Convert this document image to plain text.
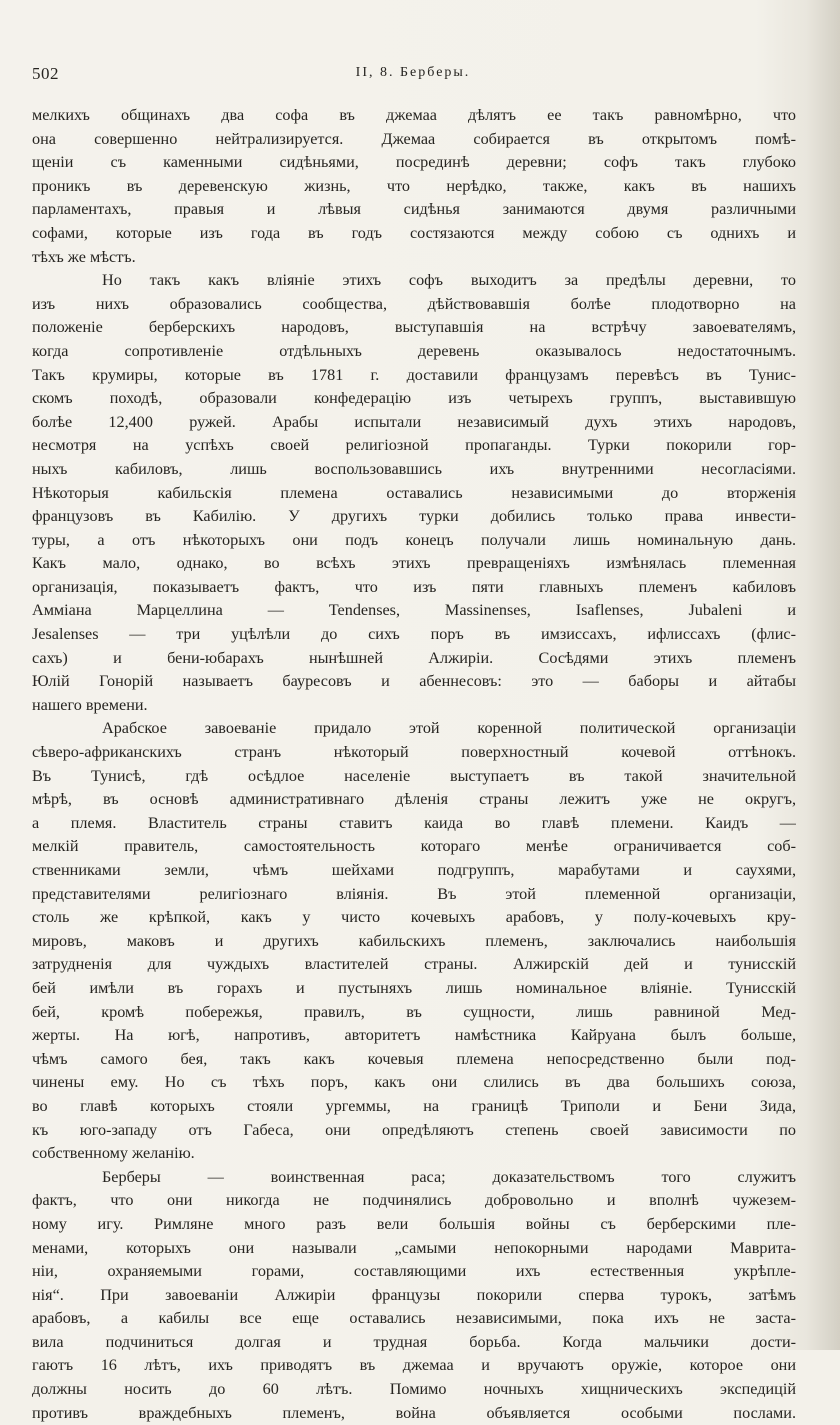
502	II, 8. Берберы.
мелкихъ общинахъ два софа въ джемаа дѣлятъ ее такъ равномѣрно, что
она совершенно нейтрализируется. Джемаа собирается въ открытомъ помѣ-
щеніи съ каменными сидѣньями, посрединѣ деревни; софъ такъ глубоко
проникъ въ деревенскую жизнь, что нерѣдко, также, какъ въ нашихъ
парламентахъ, правыя и лѣвыя сидѣнья занимаются двумя различными
софами, которые изъ года въ годъ состязаются между собою съ однихъ и
тѣхъ же мѣстъ.
Но такъ какъ вліяніе этихъ софъ выходитъ за предѣлы деревни, то
изъ нихъ образовались сообщества, дѣйствовавшія болѣе плодотворно на
положеніе берберскихъ народовъ, выступавшія на встрѣчу завоевателямъ,
когда сопротивленіе отдѣльныхъ деревень оказывалось недостаточнымъ.
Такъ крумиры, которые въ 1781 г. доставили французамъ перевѣсъ въ Тунис-
скомъ походѣ, образовали конфедерацію изъ четырехъ группъ, выставившую
болѣе 12,400 ружей. Арабы испытали независимый духъ этихъ народовъ,
несмотря на успѣхъ своей религіозной пропаганды. Турки покорили гор-
ныхъ кабиловъ, лишь воспользовавшись ихъ внутренними несогласіями.
Нѣкоторыя кабильскія племена оставались независимыми до вторженія
французовъ въ Кабилію. У другихъ турки добились только права инвести-
туры, а отъ нѣкоторыхъ они подъ конецъ получали лишь номинальную дань.
Какъ мало, однако, во всѣхъ этихъ превращеніяхъ измѣнялась племенная
организація, показываетъ фактъ, что изъ пяти главныхъ племенъ кабиловъ
Амміана Марцеллина — Tendenses, Massinenses, Isaflenses, Jubaleni и
Jesalenses — три уцѣлѣли до сихъ поръ въ имзиссахъ, ифлиссахъ (флис-
сахъ) и бени-юбарахъ нынѣшней Алжиріи. Сосѣдями этихъ племенъ
Юлій Гонорій называетъ бауресовъ и абеннесовъ: это — баборы и айтабы
нашего времени.
Арабское завоеваніе придало этой коренной политической организаціи
сѣверо-африканскихъ странъ нѣкоторый поверхностный кочевой оттѣнокъ.
Въ Тунисѣ, гдѣ осѣдлое населеніе выступаетъ въ такой значительной
мѣрѣ, въ основѣ административнаго дѣленія страны лежитъ уже не округъ,
а племя. Властитель страны ставитъ каида во главѣ племени. Каидъ —
мелкій правитель, самостоятельность котораго менѣе ограничивается соб-
ственниками земли, чѣмъ шейхами подгруппъ, марабутами и саухями,
представителями религіознаго вліянія. Въ этой племенной организаціи,
столь же крѣпкой, какъ у чисто кочевыхъ арабовъ, у полу-кочевыхъ кру-
мировъ, маковъ и другихъ кабильскихъ племенъ, заключались наибольшія
затрудненія для чуждыхъ властителей страны. Алжирскій дей и тунисскій
бей имѣли въ горахъ и пустыняхъ лишь номинальное вліяніе. Тунисскій
бей, кромѣ побережья, правилъ, въ сущности, лишь равниной Мед-
жерты. На югѣ, напротивъ, авторитетъ намѣстника Кайруана былъ больше,
чѣмъ самого бея, такъ какъ кочевыя племена непосредственно были под-
чинены ему. Но съ тѣхъ поръ, какъ они слились въ два большихъ союза,
во главѣ которыхъ стояли ургеммы, на границѣ Триполи и Бени Зида,
къ юго-западу отъ Габеса, они опредѣляютъ степень своей зависимости по
собственному желанію.
Берберы — воинственная раса; доказательствомъ того служитъ
фактъ, что они никогда не подчинялись добровольно и вполнѣ чужезем-
ному игу. Римляне много разъ вели большія войны съ берберскими пле-
менами, которыхъ они называли „самыми непокорными народами Маврита-
ніи, охраняемыми горами, составляющими ихъ естественныя укрѣпле-
нія“. При завоеваніи Алжиріи французы покорили сперва турокъ, затѣмъ
арабовъ, а кабилы все еще оставались независимыми, пока ихъ не заста-
вила подчиниться долгая и трудная борьба. Когда мальчики дости-
гаютъ 16 лѣтъ, ихъ приводятъ въ джемаа и вручаютъ оружіе, которое они
должны носить до 60 лѣтъ. Помимо ночныхъ хищническихъ экспедицій
противъ враждебныхъ племенъ, война объявляется особыми послами.
